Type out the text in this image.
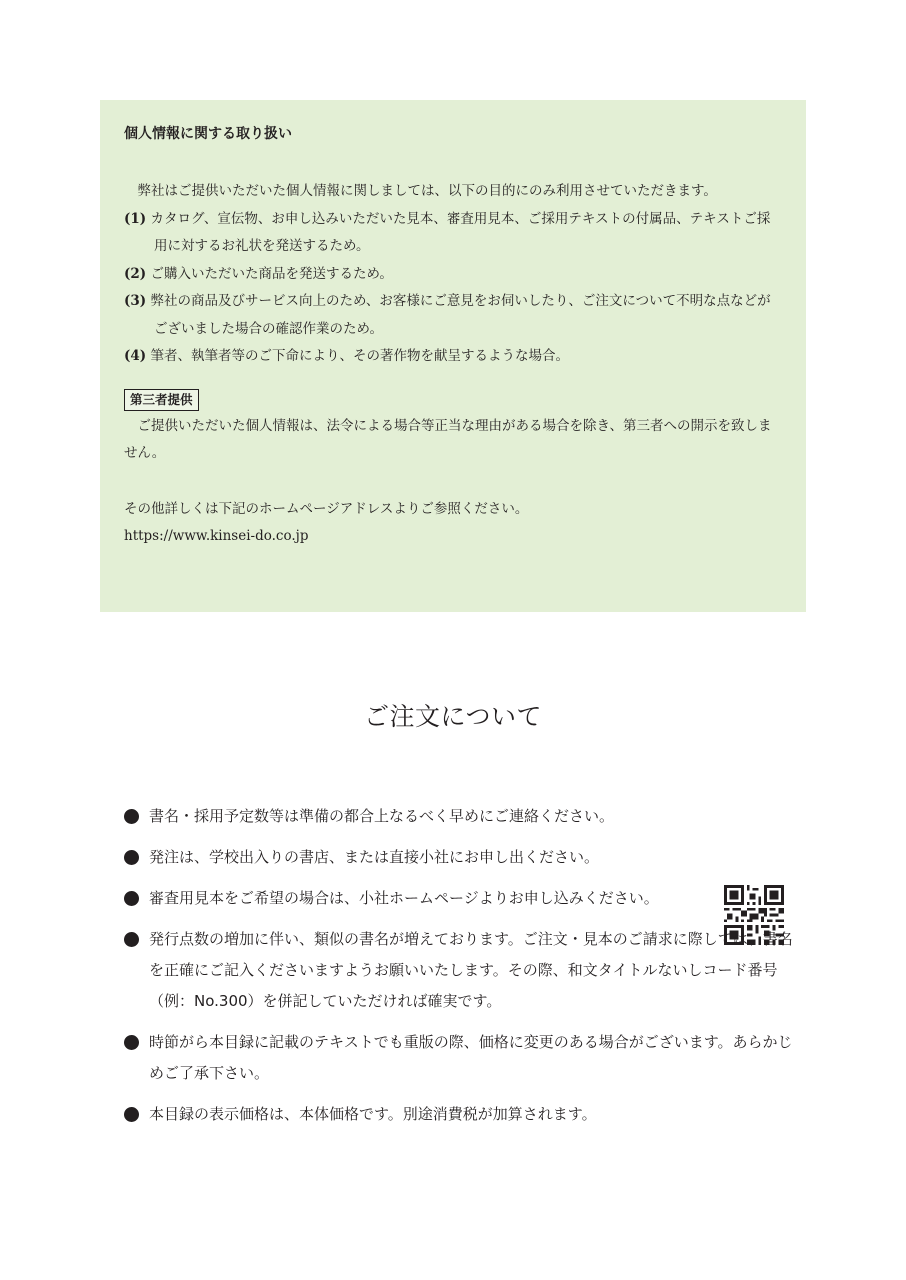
個人情報に関する取り扱い

弊社はご提供いただいた個人情報に関しましては、以下の目的にのみ利用させていただきます。

(1) カタログ、宣伝物、お申し込みいただいた見本、審査用見本、ご採用テキストの付属品、テキストご採用に対するお礼状を発送するため。
(2) ご購入いただいた商品を発送するため。
(3) 弊社の商品及びサービス向上のため、お客様にご意見をお伺いしたり、ご注文について不明な点などがございました場合の確認作業のため。
(4) 筆者、執筆者等のご下命により、その著作物を献呈するような場合。
第三者提供

ご提供いただいた個人情報は、法令による場合等正当な理由がある場合を除き、第三者への開示を致しません。

その他詳しくは下記のホームページアドレスよりご参照ください。

https://www.kinsei-do.co.jp
ご注文について
書名・採用予定数等は準備の都合上なるべく早めにご連絡ください。
発注は、学校出入りの書店、または直接小社にお申し出ください。
審査用見本をご希望の場合は、小社ホームページよりお申し込みください。
発行点数の増加に伴い、類似の書名が増えております。ご注文・見本のご請求に際しては、書名を正確にご記入くださいますようお願いいたします。その際、和文タイトルないしコード番号（例：No.300）を併記していただければ確実です。
時節がら本目録に記載のテキストでも重版の際、価格に変更のある場合がございます。あらかじめご了承下さい。
本目録の表示価格は、本体価格です。別途消費税が加算されます。
